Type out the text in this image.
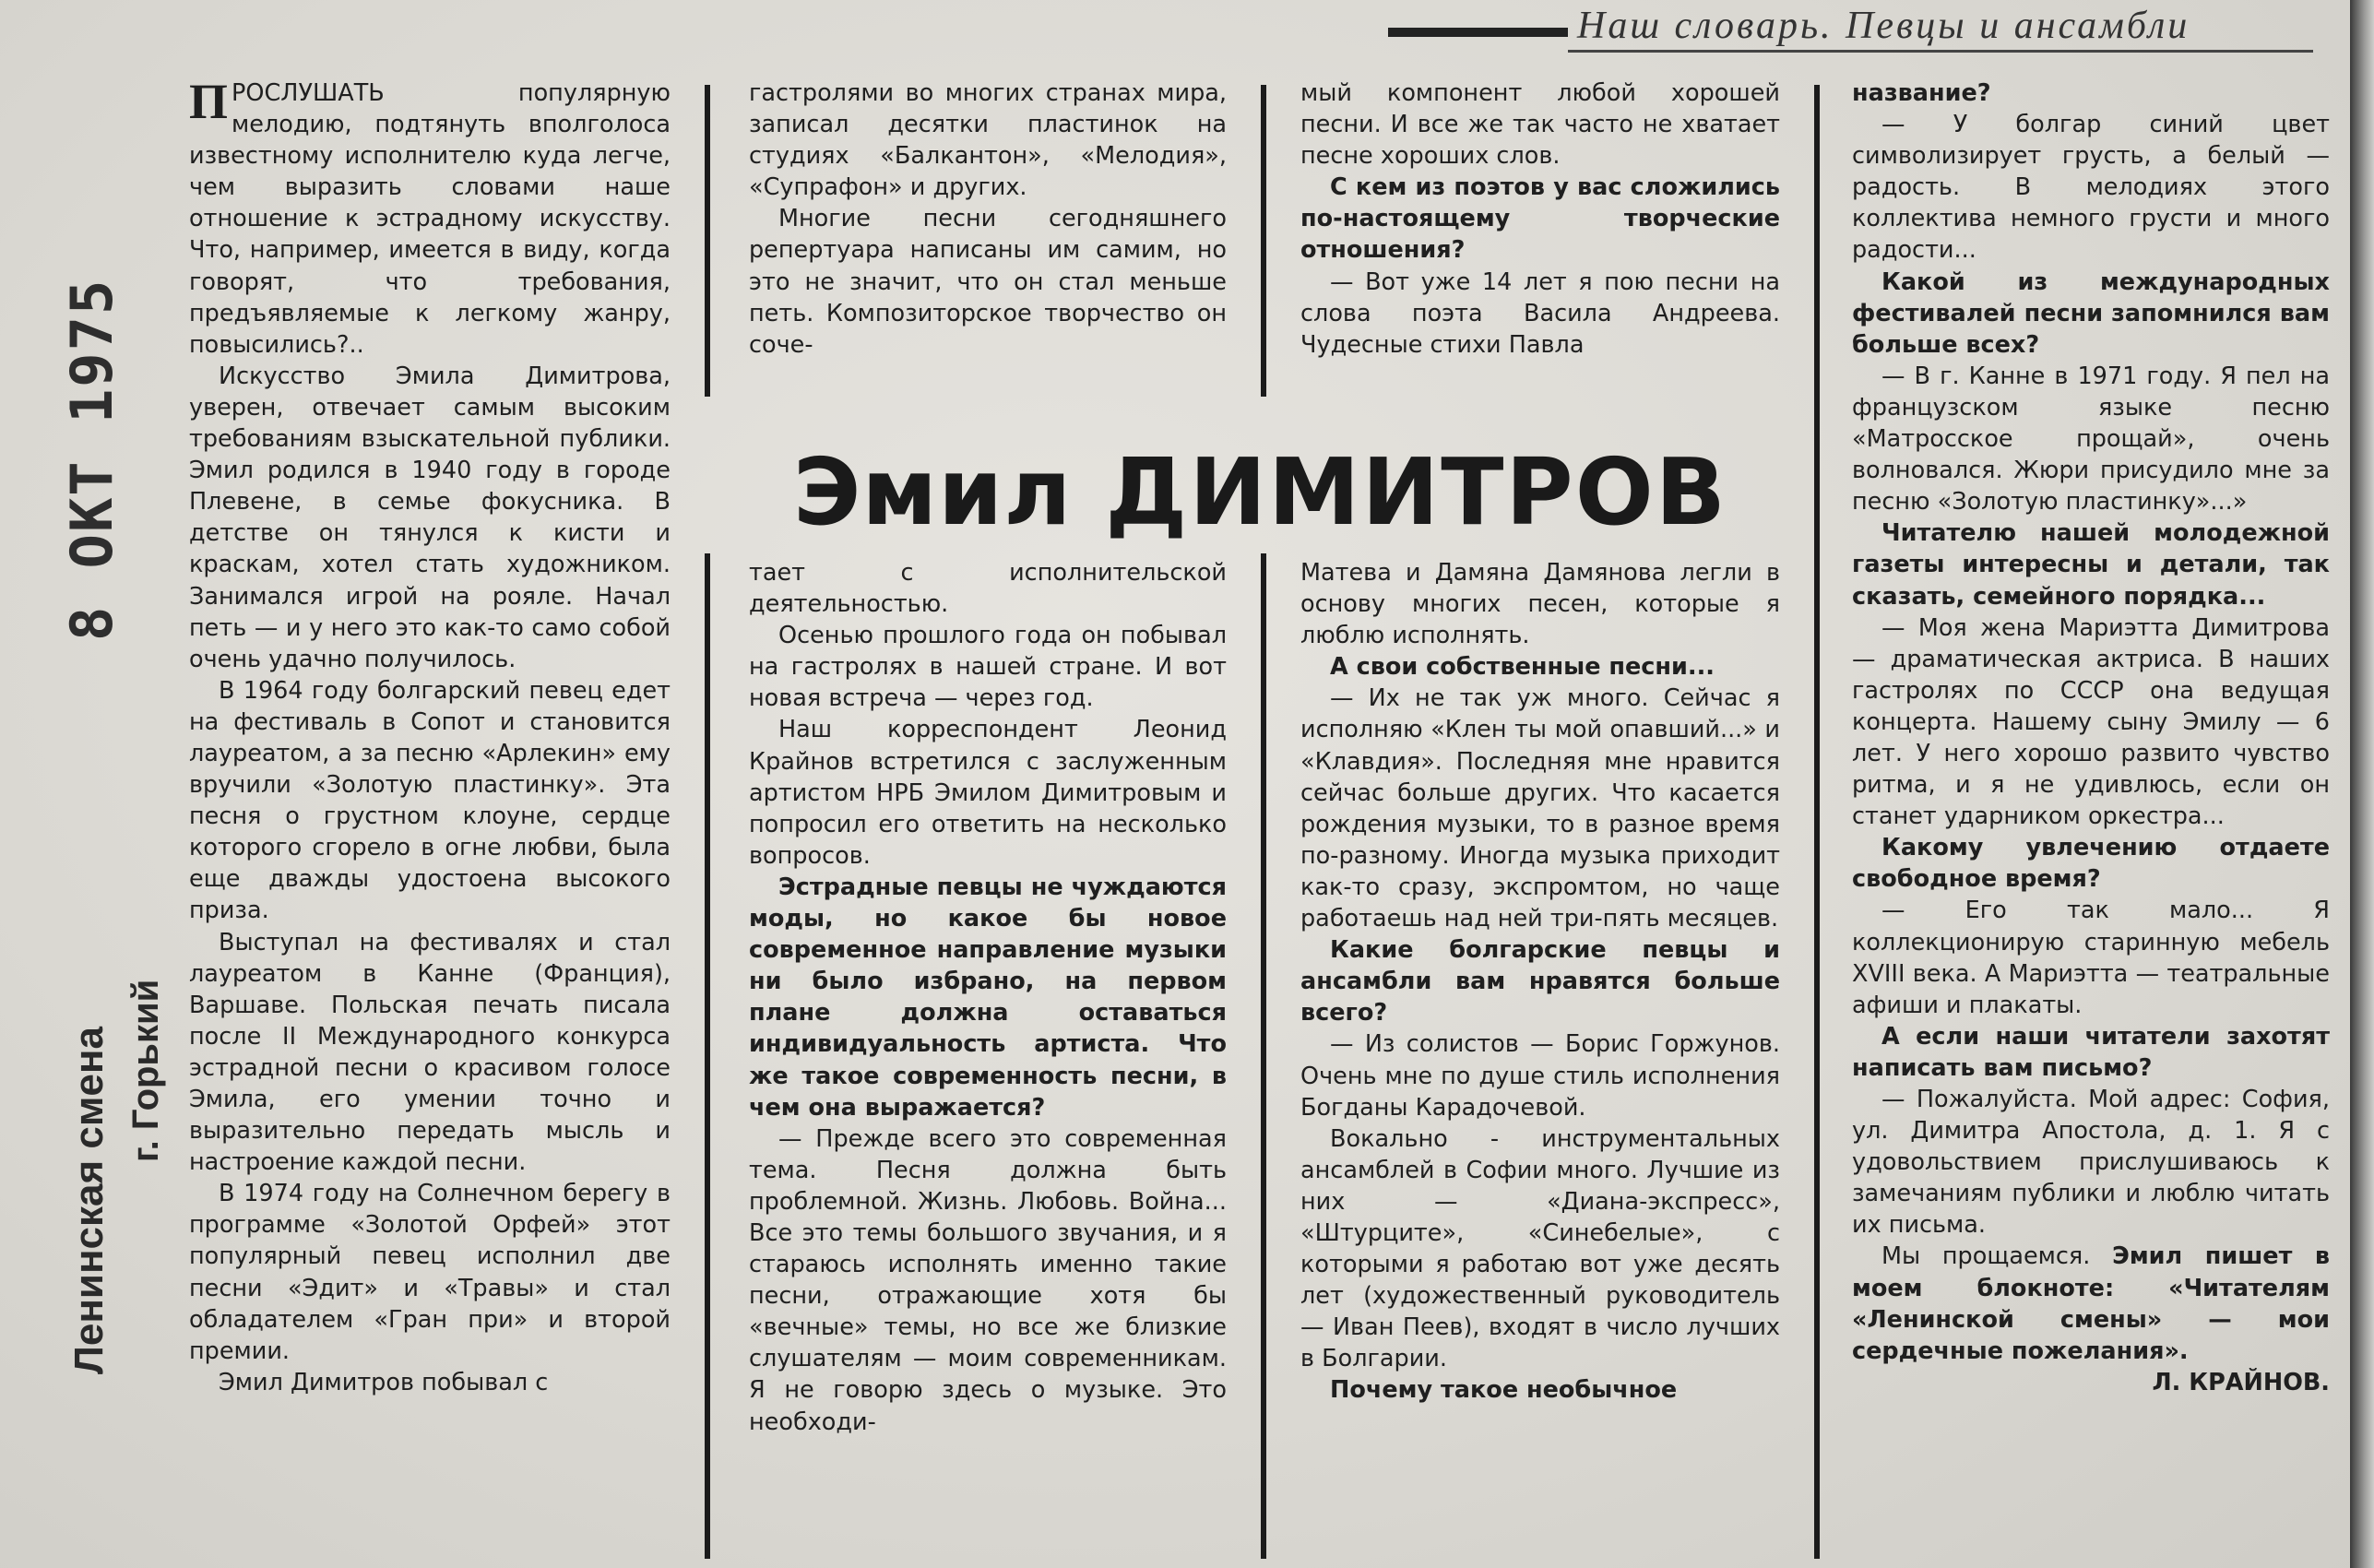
Наш словарь. Певцы и ансамбли
8 ОКТ 1975
Ленинская смена г. Горький

ПРОСЛУШАТЬ популярную мелодию, подтянуть вполголоса известному исполнителю куда легче, чем выразить словами наше отношение к эстрадному искусству. Что, например, имеется в виду, когда говорят, что требования, предъявляемые к легкому жанру, повысились?..

Искусство Эмила Димитрова, уверен, отвечает самым высоким требованиям взыскательной публики. Эмил родился в 1940 году в городе Плевене, в семье фокусника. В детстве он тянулся к кисти и краскам, хотел стать художником. Занимался игрой на рояле. Начал петь — и у него это как-то само собой очень удачно получилось.

В 1964 году болгарский певец едет на фестиваль в Сопот и становится лауреатом, а за песню «Арлекин» ему вручили «Золотую пластинку». Эта песня о грустном клоуне, сердце которого сгорело в огне любви, была еще дважды удостоена высокого приза.

Выступал на фестивалях и стал лауреатом в Канне (Франция), Варшаве. Польская печать писала после II Международного конкурса эстрадной песни о красивом голосе Эмила, его умении точно и выразительно передать мысль и настроение каждой песни.

В 1974 году на Солнечном берегу в программе «Золотой Орфей» этот популярный певец исполнил две песни «Эдит» и «Травы» и стал обладателем «Гран при» и второй премии.

Эмил Димитров побывал с

гастролями во многих странах мира, записал десятки пластинок на студиях «Балкантон», «Мелодия», «Супрафон» и других.

Многие песни сегодняшнего репертуара написаны им самим, но это не значит, что он стал меньше петь. Композиторское творчество он соче-

мый компонент любой хорошей песни. И все же так часто не хватает песне хороших слов.

С кем из поэтов у вас сложились по-настоящему творческие отношения?

— Вот уже 14 лет я пою песни на слова поэта Васила Андреева. Чудесные стихи Павла

Эмил ДИМИТРОВ

тает с исполнительской деятельностью.

Осенью прошлого года он побывал на гастролях в нашей стране. И вот новая встреча — через год.

Наш корреспондент Леонид Крайнов встретился с заслуженным артистом НРБ Эмилом Димитровым и попросил его ответить на несколько вопросов.

Эстрадные певцы не чуждаются моды, но какое бы новое современное направление музыки ни было избрано, на первом плане должна оставаться индивидуальность артиста. Что же такое современность песни, в чем она выражается?

— Прежде всего это современная тема. Песня должна быть проблемной. Жизнь. Любовь. Война... Все это темы большого звучания, и я стараюсь исполнять именно такие песни, отражающие хотя бы «вечные» темы, но все же близкие слушателям — моим современникам. Я не говорю здесь о музыке. Это необходи-

Матева и Дамяна Дамянова легли в основу многих песен, которые я люблю исполнять.

А свои собственные песни...

— Их не так уж много. Сейчас я исполняю «Клен ты мой опавший...» и «Клавдия». Последняя мне нравится сейчас больше других. Что касается рождения музыки, то в разное время по-разному. Иногда музыка приходит как-то сразу, экспромтом, но чаще работаешь над ней три-пять месяцев.

Какие болгарские певцы и ансамбли вам нравятся больше всего?

— Из солистов — Борис Горжунов. Очень мне по душе стиль исполнения Богданы Карадочевой.

Вокально - инструментальных ансамблей в Софии много. Лучшие из них — «Диана-экспресс», «Штурците», «Синебелые», с которыми я работаю вот уже десять лет (художественный руководитель — Иван Пеев), входят в число лучших в Болгарии.

Почему такое необычное

название?

— У болгар синий цвет символизирует грусть, а белый — радость. В мелодиях этого коллектива немного грусти и много радости...

Какой из международных фестивалей песни запомнился вам больше всех?

— В г. Канне в 1971 году. Я пел на французском языке песню «Матросское прощай», очень волновался. Жюри присудило мне за песню «Золотую пластинку»...»

Читателю нашей молодежной газеты интересны и детали, так сказать, семейного порядка...

— Моя жена Мариэтта Димитрова — драматическая актриса. В наших гастролях по СССР она ведущая концерта. Нашему сыну Эмилу — 6 лет. У него хорошо развито чувство ритма, и я не удивлюсь, если он станет ударником оркестра...

Какому увлечению отдаете свободное время?

— Его так мало... Я коллекционирую старинную мебель XVIII века. А Мариэтта — театральные афиши и плакаты.

А если наши читатели захотят написать вам письмо?

— Пожалуйста. Мой адрес: София, ул. Димитра Апостола, д. 1. Я с удовольствием прислушиваюсь к замечаниям публики и люблю читать их письма.

Мы прощаемся. Эмил пишет в моем блокноте: «Читателям «Ленинской смены» — мои сердечные пожелания».

Л. КРАЙНОВ.
